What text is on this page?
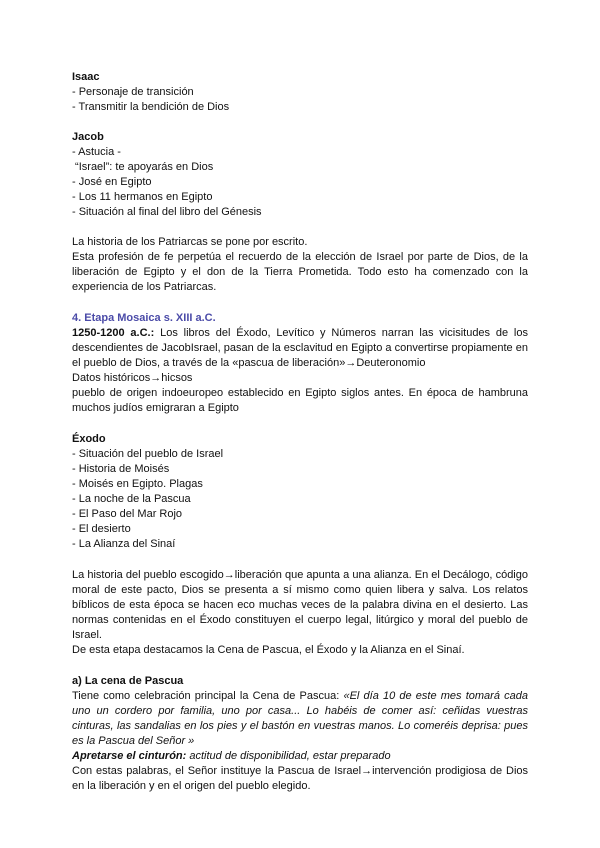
Isaac

- Personaje de transición

- Transmitir la bendición de Dios

Jacob

- Astucia -

“Israel”: te apoyarás en Dios

- José en Egipto

- Los 11 hermanos en Egipto

- Situación al final del libro del Génesis

La historia de los Patriarcas se pone por escrito.

Esta profesión de fe perpetúa el recuerdo de la elección de Israel por parte de Dios, de la liberación de Egipto y el don de la Tierra Prometida. Todo esto ha comenzado con la experiencia de los Patriarcas.

4. Etapa Mosaica s. XIII a.C.

1250-1200 a.C.: Los libros del Éxodo, Levítico y Números narran las vicisitudes de los descendientes de JacobIsrael, pasan de la esclavitud en Egipto a convertirse propiamente en el pueblo de Dios, a través de la «pascua de liberación»→Deuteronomio

Datos históricos→hicsos

pueblo de origen indoeuropeo establecido en Egipto siglos antes. En época de hambruna muchos judíos emigraran a Egipto

Éxodo

- Situación del pueblo de Israel

- Historia de Moisés

- Moisés en Egipto. Plagas

- La noche de la Pascua

- El Paso del Mar Rojo

- El desierto

- La Alianza del Sinaí

La historia del pueblo escogido→liberación que apunta a una alianza. En el Decálogo, código moral de este pacto, Dios se presenta a sí mismo como quien libera y salva. Los relatos bíblicos de esta época se hacen eco muchas veces de la palabra divina en el desierto. Las normas contenidas en el Éxodo constituyen el cuerpo legal, litúrgico y moral del pueblo de Israel.

De esta etapa destacamos la Cena de Pascua, el Éxodo y la Alianza en el Sinaí.

a) La cena de Pascua

Tiene como celebración principal la Cena de Pascua: «El día 10 de este mes tomará cada uno un cordero por familia, uno por casa... Lo habéis de comer así: ceñidas vuestras cinturas, las sandalias en los pies y el bastón en vuestras manos. Lo comeréis deprisa: pues es la Pascua del Señor »

Apretarse el cinturón: actitud de disponibilidad, estar preparado

Con estas palabras, el Señor instituye la Pascua de Israel→intervención prodigiosa de Dios en la liberación y en el origen del pueblo elegido.
